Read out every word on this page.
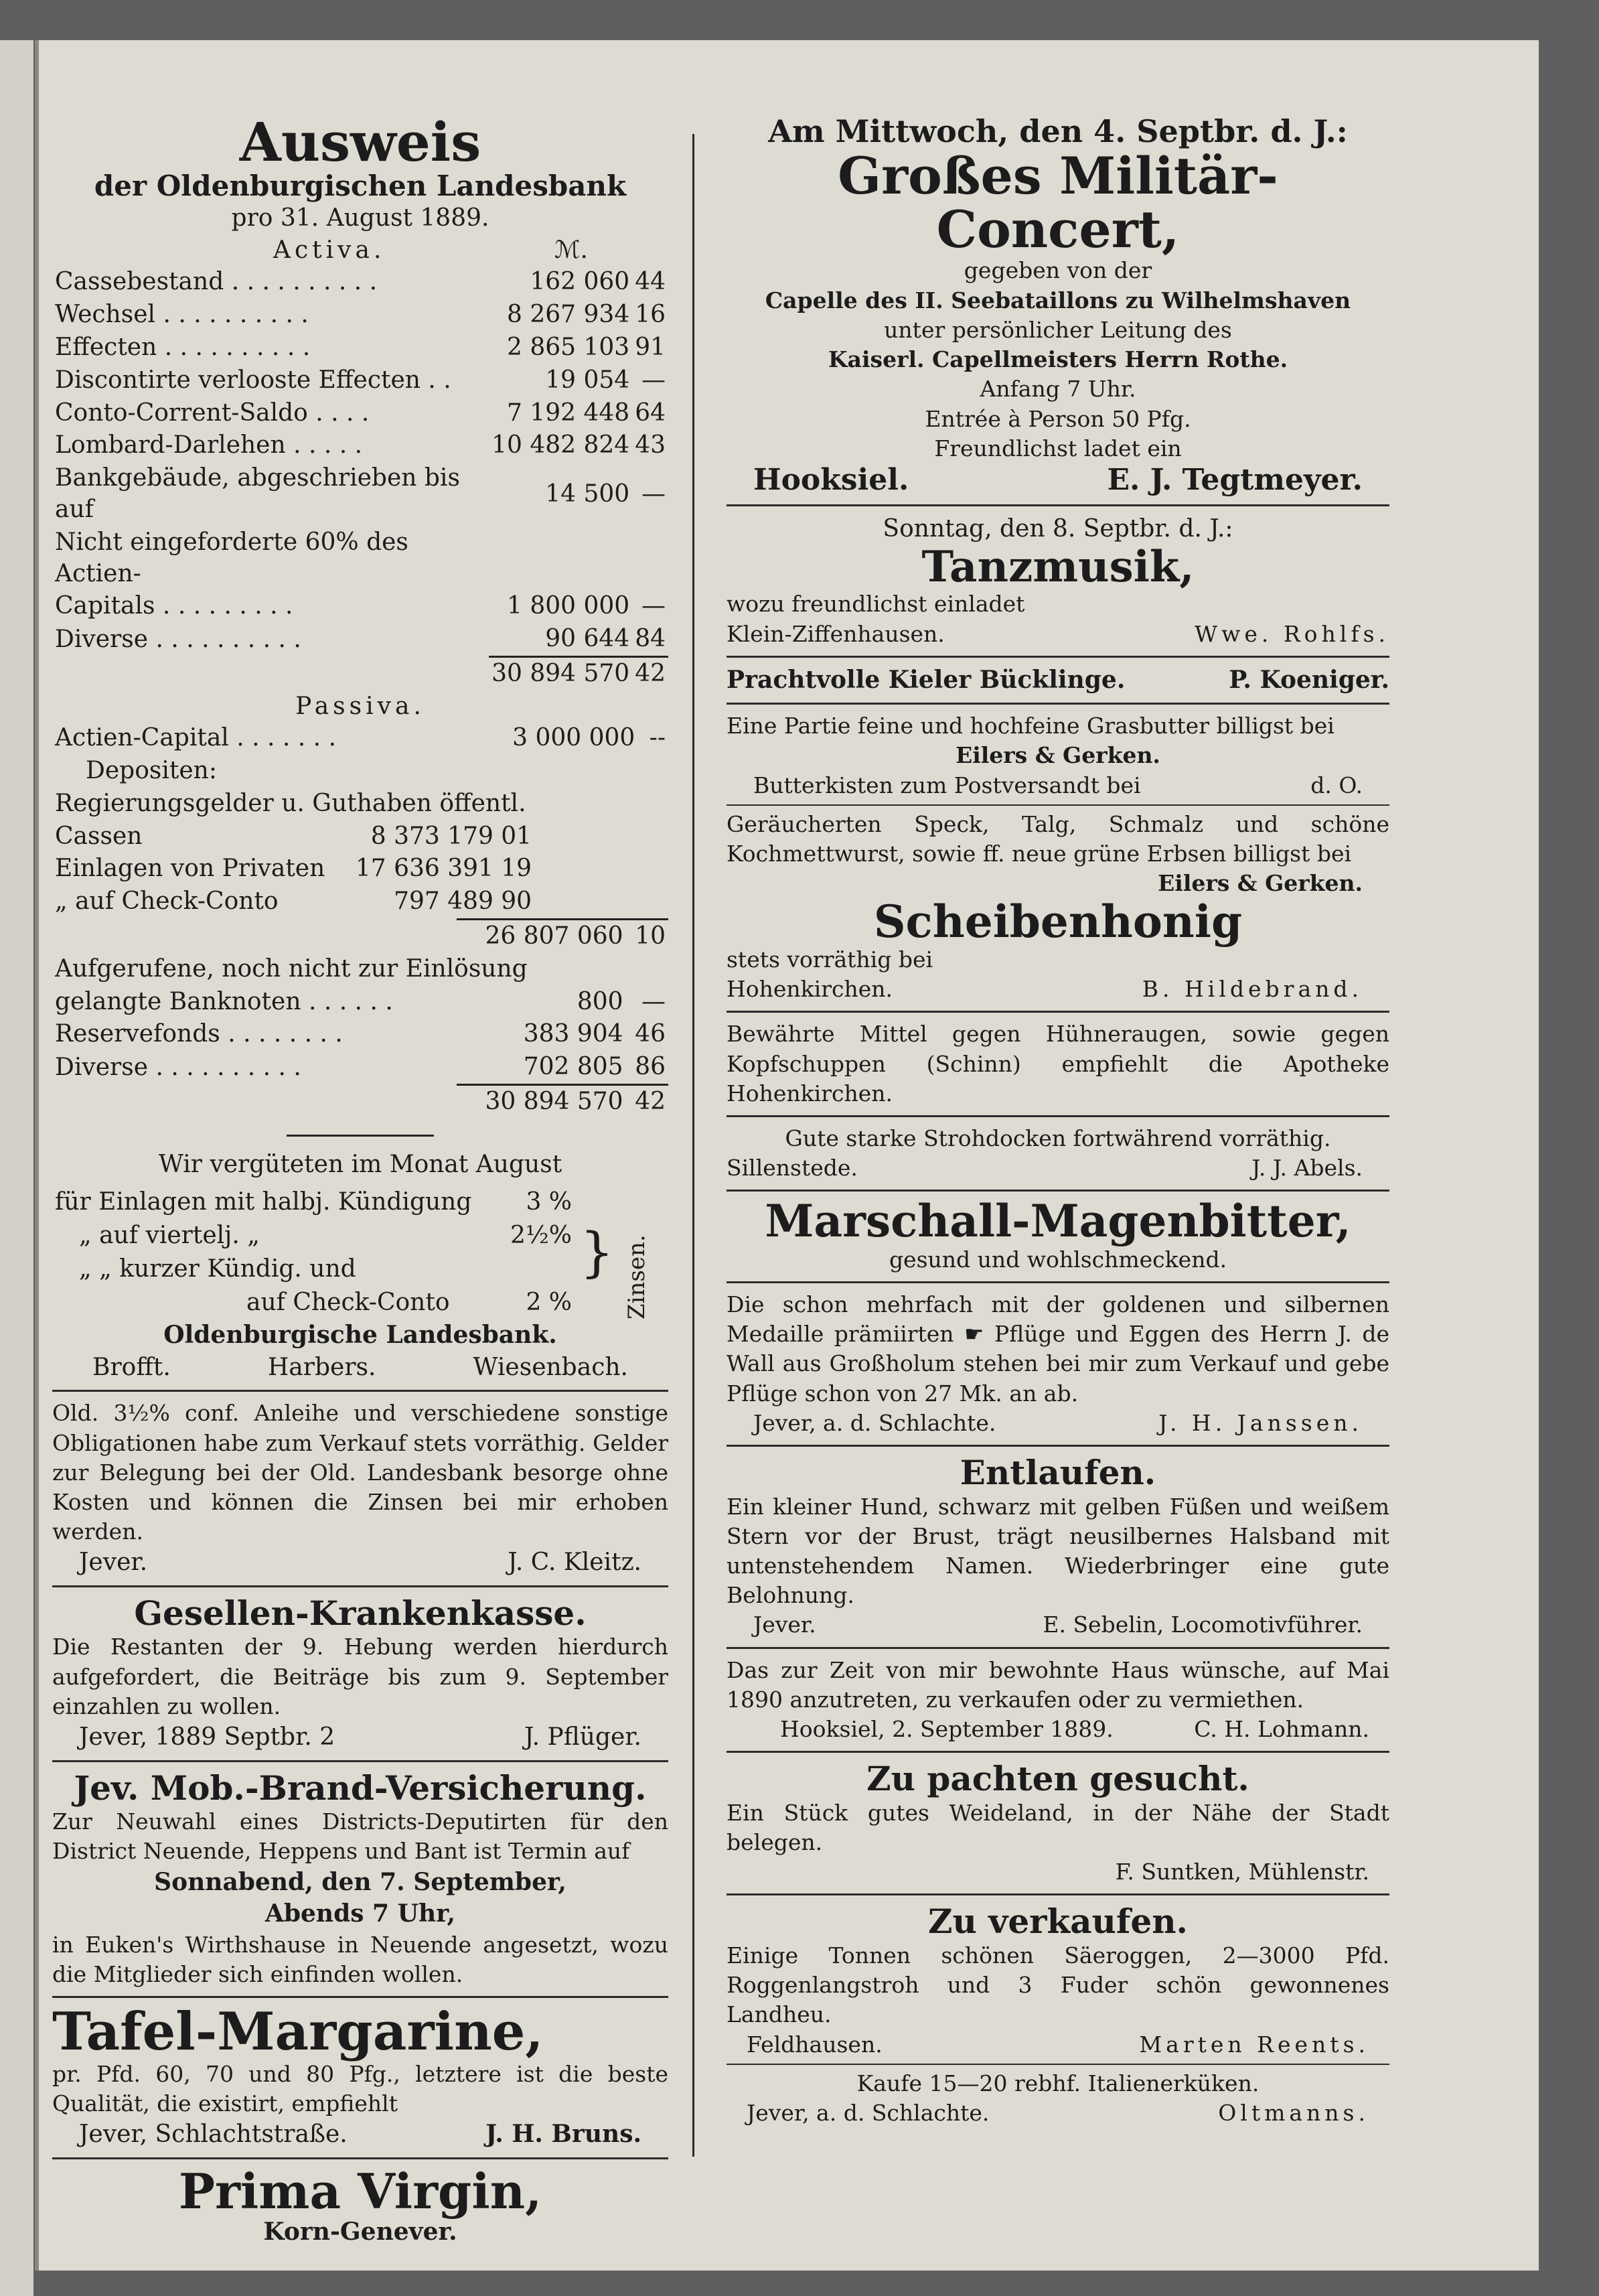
Ausweis
der Oldenburgischen Landesbank
pro 31. August 1889.
Activa.	ℳ.
Cassebestand . . . . . . . . . .	162 060	44
Wechsel . . . . . . . . . .	8 267 934	16
Effecten . . . . . . . . . .	2 865 103	91
Discontirte verlooste Effecten . .	19 054	—
Conto-Corrent-Saldo . . . .	7 192 448	64
Lombard-Darlehen . . . . .	10 482 824	43
Bankgebäude, abgeschrieben bis auf	14 500	—
Nicht eingeforderte 60% des Actien-		
Capitals . . . . . . . . .	1 800 000	—
Diverse . . . . . . . . . .	90 644	84
	30 894 570	42
Passiva.
Actien-Capital . . . . . . .	3 000 000	--
Depositen:		
Regierungsgelder u. Guthaben öffentl.		
Cassen	8 373 179	01
Einlagen von Privaten	17 636 391	19
„ auf Check-Conto	797 489	90
	26 807 060	10
Aufgerufene, noch nicht zur Einlösung		
gelangte Banknoten . . . . . .	800	—
Reservefonds . . . . . . . .	383 904	46
Diverse . . . . . . . . . .	702 805	86
	30 894 570	42
Wir vergüteten im Monat August
für Einlagen mit halbj. Kündigung	3 %
„ auf viertelj. „	2½%
„ „ kurzer Kündig. und	
auf Check-Conto	2 %
} Zinsen.
Oldenburgische Landesbank.
Brofft.	Harbers.	Wiesenbach.
Old. 3½% conf. Anleihe und verschiedene sonstige Obligationen habe zum Verkauf stets vorräthig. Gelder zur Belegung bei der Old. Landesbank besorge ohne Kosten und können die Zinsen bei mir erhoben werden.
Jever.	J. C. Kleitz.
Gesellen-Krankenkasse.
Die Restanten der 9. Hebung werden hierdurch aufgefordert, die Beiträge bis zum 9. September einzahlen zu wollen.
Jever, 1889 Septbr. 2	J. Pflüger.
Jev. Mob.-Brand-Versicherung.
Zur Neuwahl eines Districts-Deputirten für den District Neuende, Heppens und Bant ist Termin auf
Sonnabend, den 7. September,
Abends 7 Uhr,
in Euken's Wirthshause in Neuende angesetzt, wozu die Mitglieder sich einfinden wollen.
Tafel-Margarine,
pr. Pfd. 60, 70 und 80 Pfg., letztere ist die beste Qualität, die existirt, empfiehlt
Jever, Schlachtstraße.	J. H. Bruns.
Prima Virgin,
Korn-Genever.
Am Mittwoch, den 4. Septbr. d. J.:
Großes Militär-Concert,
gegeben von der
Capelle des II. Seebataillons zu Wilhelmshaven
unter persönlicher Leitung des
Kaiserl. Capellmeisters Herrn Rothe.
Anfang 7 Uhr.
Entrée à Person 50 Pfg.
Freundlichst ladet ein
Hooksiel.	E. J. Tegtmeyer.
Sonntag, den 8. Septbr. d. J.:
Tanzmusik,
wozu freundlichst einladet
Klein-Ziffenhausen.	Wwe. Rohlfs.
Prachtvolle Kieler Bücklinge.	P. Koeniger.
Eine Partie feine und hochfeine Grasbutter billigst bei
Eilers & Gerken.
Butterkisten zum Postversandt bei	d. O.
Geräucherten Speck, Talg, Schmalz und schöne Kochmettwurst, sowie ff. neue grüne Erbsen billigst bei
Eilers & Gerken.
Scheibenhonig
stets vorräthig bei
Hohenkirchen.	B. Hildebrand.
Bewährte Mittel gegen Hühneraugen, sowie gegen Kopfschuppen (Schinn) empfiehlt die Apotheke Hohenkirchen.
Gute starke Strohdocken fortwährend vorräthig.
Sillenstede.	J. J. Abels.
Marschall-Magenbitter,
gesund und wohlschmeckend.
Die schon mehrfach mit der goldenen und silbernen Medaille prämiirten ☛ Pflüge und Eggen des Herrn J. de Wall aus Großholum stehen bei mir zum Verkauf und gebe Pflüge schon von 27 Mk. an ab.
Jever, a. d. Schlachte.	J. H. Janssen.
Entlaufen.
Ein kleiner Hund, schwarz mit gelben Füßen und weißem Stern vor der Brust, trägt neusilbernes Halsband mit untenstehendem Namen. Wiederbringer eine gute Belohnung.
Jever.	E. Sebelin, Locomotivführer.
Das zur Zeit von mir bewohnte Haus wünsche, auf Mai 1890 anzutreten, zu verkaufen oder zu vermiethen.
Hooksiel, 2. September 1889.	C. H. Lohmann.
Zu pachten gesucht.
Ein Stück gutes Weideland, in der Nähe der Stadt belegen.
F. Suntken, Mühlenstr.
Zu verkaufen.
Einige Tonnen schönen Säeroggen, 2—3000 Pfd. Roggenlangstroh und 3 Fuder schön gewonnenes Landheu.
Feldhausen.	Marten Reents.
Kaufe 15—20 rebhf. Italienerküken.
Jever, a. d. Schlachte.	Oltmanns.
